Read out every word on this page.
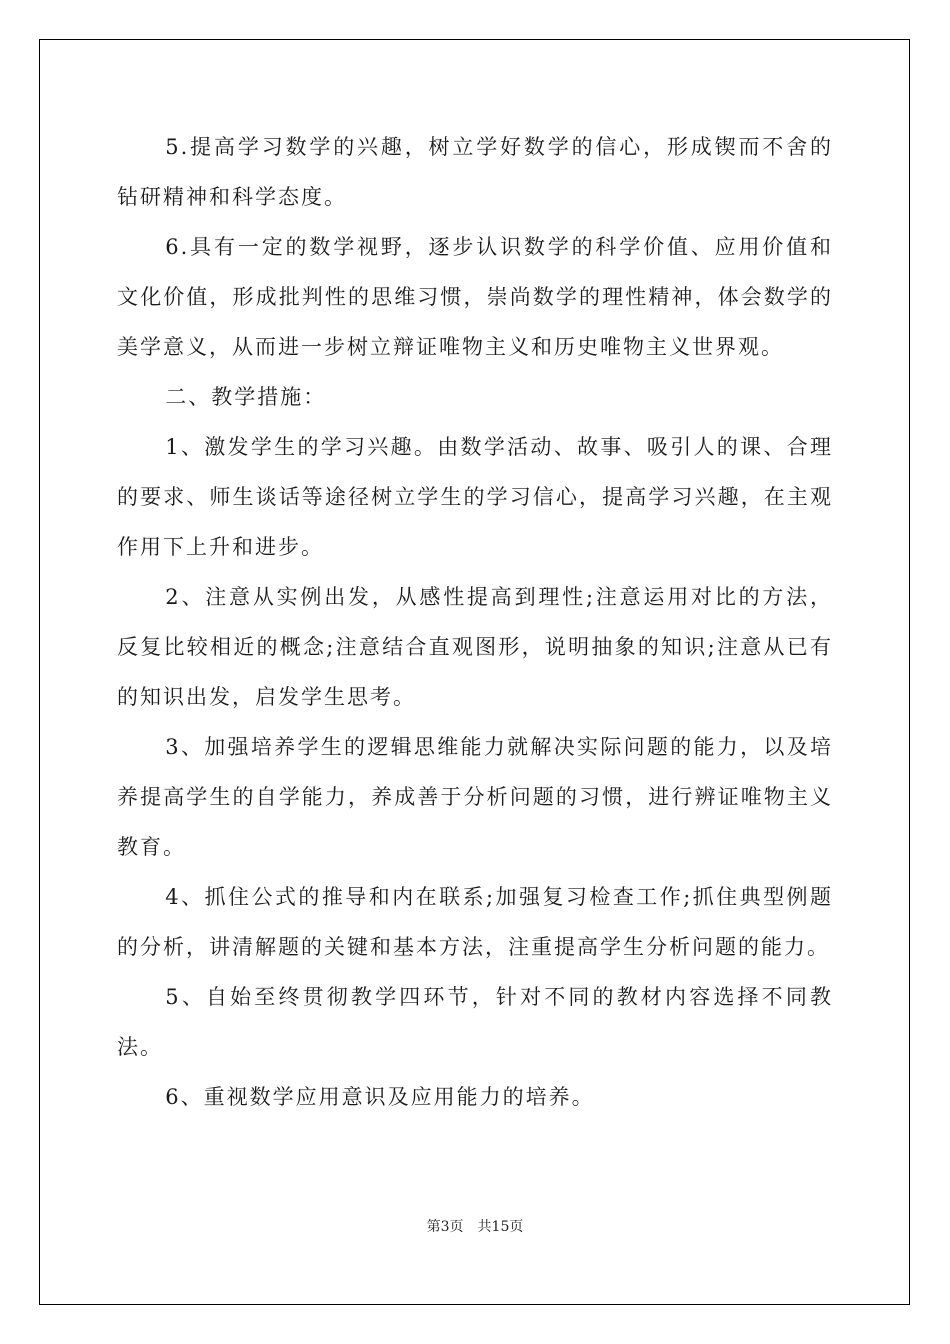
5.提高学习数学的兴趣，树立学好数学的信心，形成锲而不舍的钻研精神和科学态度。

6.具有一定的数学视野，逐步认识数学的科学价值、应用价值和文化价值，形成批判性的思维习惯，崇尚数学的理性精神，体会数学的美学意义，从而进一步树立辩证唯物主义和历史唯物主义世界观。

二、教学措施：

1、激发学生的学习兴趣。由数学活动、故事、吸引人的课、合理的要求、师生谈话等途径树立学生的学习信心，提高学习兴趣，在主观作用下上升和进步。

2、注意从实例出发，从感性提高到理性;注意运用对比的方法，反复比较相近的概念;注意结合直观图形，说明抽象的知识;注意从已有的知识出发，启发学生思考。

3、加强培养学生的逻辑思维能力就解决实际问题的能力，以及培养提高学生的自学能力，养成善于分析问题的习惯，进行辨证唯物主义教育。

4、抓住公式的推导和内在联系;加强复习检查工作;抓住典型例题的分析，讲清解题的关键和基本方法，注重提高学生分析问题的能力。

5、自始至终贯彻教学四环节，针对不同的教材内容选择不同教法。

6、重视数学应用意识及应用能力的培养。

第3页 共15页
